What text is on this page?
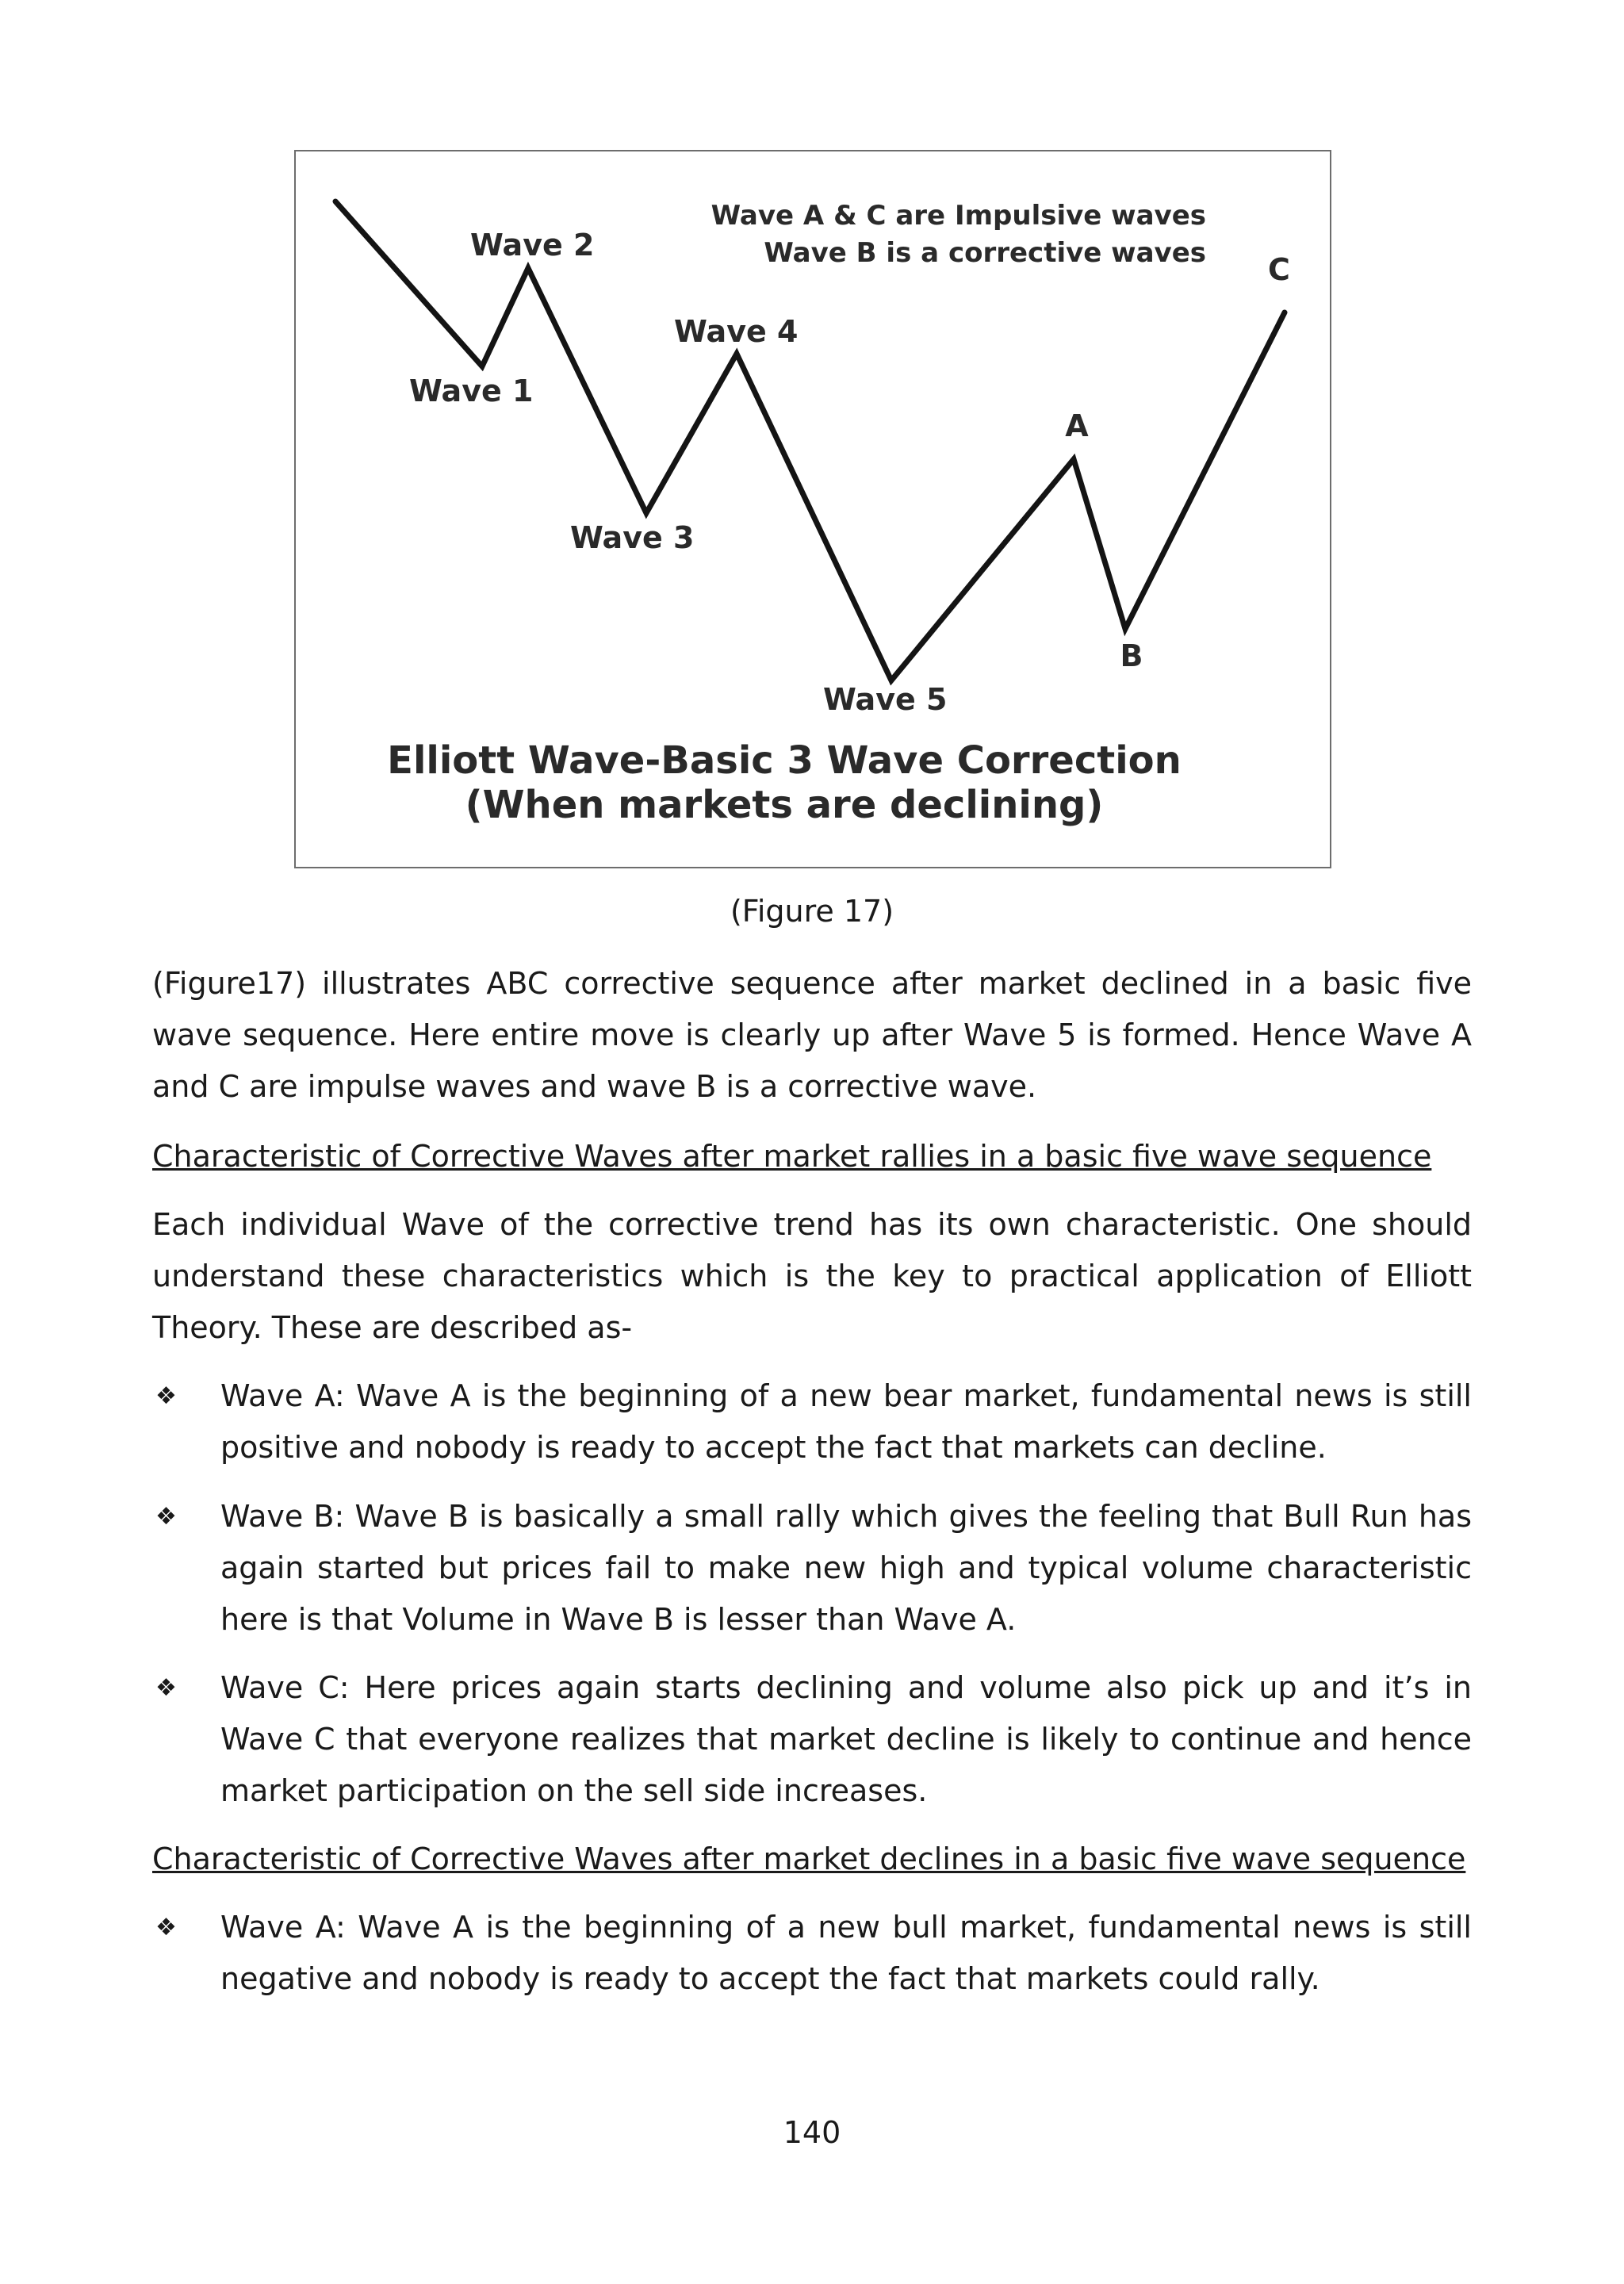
Wave A & C are Impulsive waves
Wave B is a corrective waves
Wave 2
Wave 1
Wave 4
Wave 3
Wave 5
A
B
C
Elliott Wave-Basic 3 Wave Correction
(When markets are declining)
(Figure 17)

(Figure17) illustrates ABC corrective sequence after market declined in a basic five wave sequence. Here entire move is clearly up after Wave 5 is formed. Hence Wave A and C are impulse waves and wave B is a corrective wave.

Characteristic of Corrective Waves after market rallies in a basic five wave sequence

Each individual Wave of the corrective trend has its own characteristic. One should understand these characteristics which is the key to practical application of Elliott Theory. These are described as-

❖ Wave A: Wave A is the beginning of a new bear market, fundamental news is still positive and nobody is ready to accept the fact that markets can decline.
❖ Wave B: Wave B is basically a small rally which gives the feeling that Bull Run has again started but prices fail to make new high and typical volume characteristic here is that Volume in Wave B is lesser than Wave A.
❖ Wave C: Here prices again starts declining and volume also pick up and it’s in Wave C that everyone realizes that market decline is likely to continue and hence market participation on the sell side increases.

Characteristic of Corrective Waves after market declines in a basic five wave sequence

❖ Wave A: Wave A is the beginning of a new bull market, fundamental news is still negative and nobody is ready to accept the fact that markets could rally.
140
